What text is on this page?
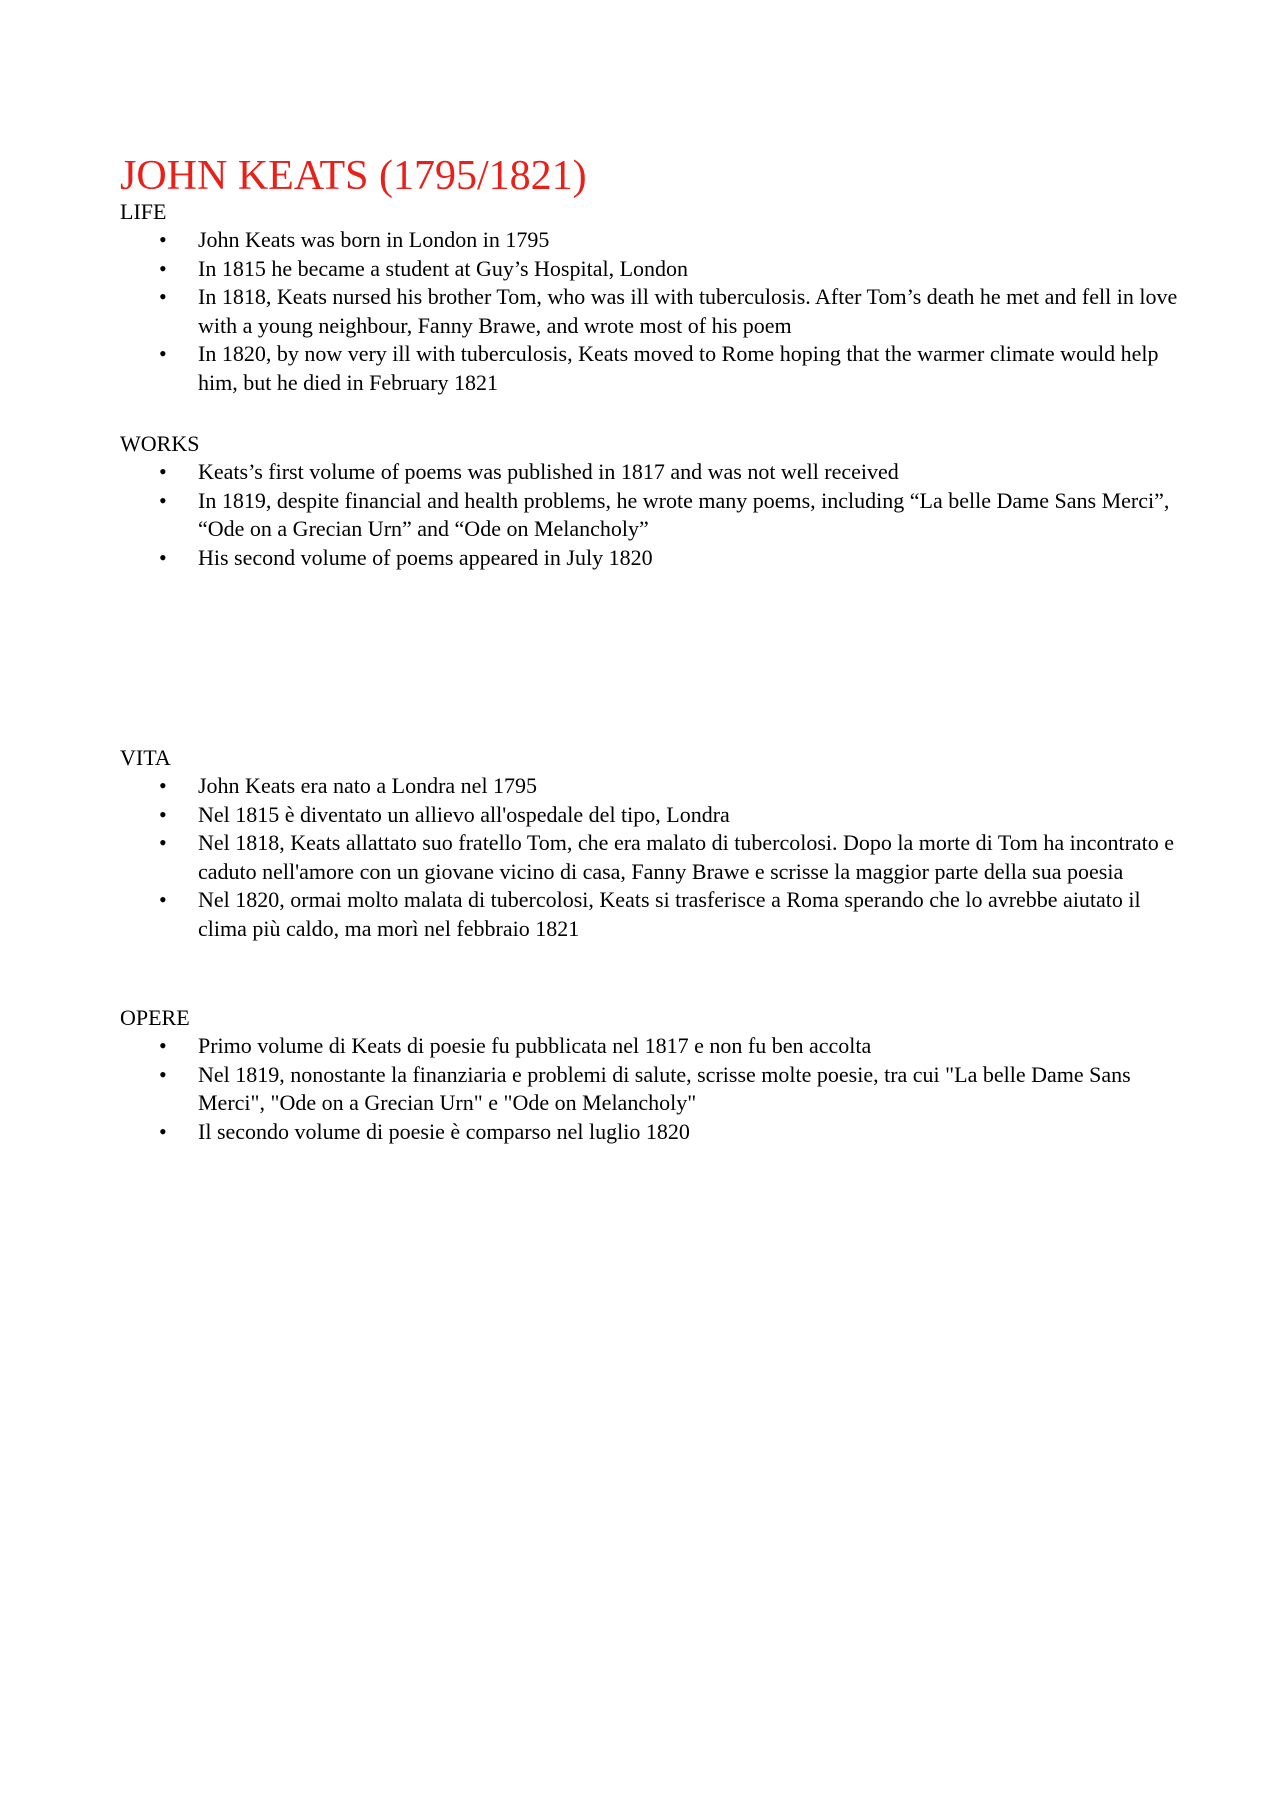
JOHN KEATS (1795/1821)
LIFE
• John Keats was born in London in 1795
• In 1815 he became a student at Guy’s Hospital, London
• In 1818, Keats nursed his brother Tom, who was ill with tuberculosis. After Tom’s death he met and fell in love with a young neighbour, Fanny Brawe, and wrote most of his poem
• In 1820, by now very ill with tuberculosis, Keats moved to Rome hoping that the warmer climate would help him, but he died in February 1821
WORKS
• Keats’s first volume of poems was published in 1817 and was not well received
• In 1819, despite financial and health problems, he wrote many poems, including “La belle Dame Sans Merci”, “Ode on a Grecian Urn” and “Ode on Melancholy”
• His second volume of poems appeared in July 1820
VITA
• John Keats era nato a Londra nel 1795
• Nel 1815 è diventato un allievo all'ospedale del tipo, Londra
• Nel 1818, Keats allattato suo fratello Tom, che era malato di tubercolosi. Dopo la morte di Tom ha incontrato e caduto nell'amore con un giovane vicino di casa, Fanny Brawe e scrisse la maggior parte della sua poesia
• Nel 1820, ormai molto malata di tubercolosi, Keats si trasferisce a Roma sperando che lo avrebbe aiutato il clima più caldo, ma morì nel febbraio 1821
OPERE
• Primo volume di Keats di poesie fu pubblicata nel 1817 e non fu ben accolta
• Nel 1819, nonostante la finanziaria e problemi di salute, scrisse molte poesie, tra cui "La belle Dame Sans Merci", "Ode on a Grecian Urn" e "Ode on Melancholy"
• Il secondo volume di poesie è comparso nel luglio 1820
